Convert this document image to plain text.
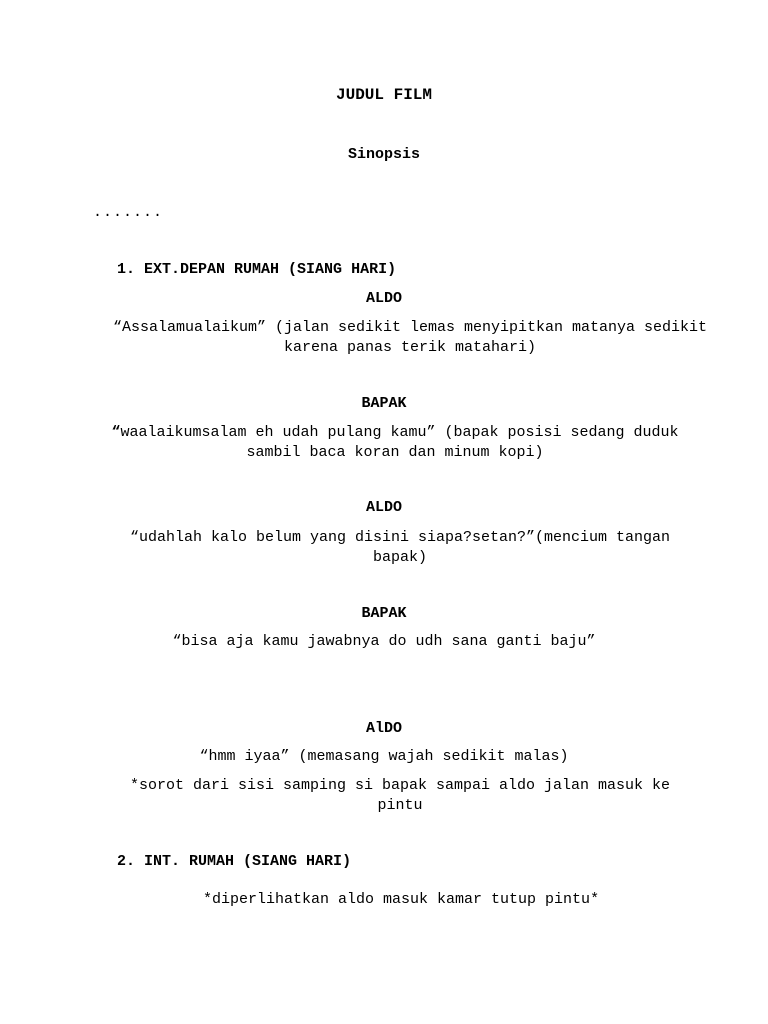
JUDUL FILM
Sinopsis
.......
1. EXT.DEPAN RUMAH (SIANG HARI)
ALDO
“Assalamualaikum” (jalan sedikit lemas menyipitkan matanya sedikit karena panas terik matahari)
BAPAK
“waalaikumsalam eh udah pulang kamu” (bapak posisi sedang duduk sambil baca koran dan minum kopi)
ALDO
“udahlah kalo belum yang disini siapa?setan?”(mencium tangan bapak)
BAPAK
“bisa aja kamu jawabnya do udh sana ganti baju”
AlDO
“hmm iyaa” (memasang wajah sedikit malas)
*sorot dari sisi samping si bapak sampai aldo jalan masuk ke pintu
2. INT. RUMAH (SIANG HARI)
*diperlihatkan aldo masuk kamar tutup pintu*
